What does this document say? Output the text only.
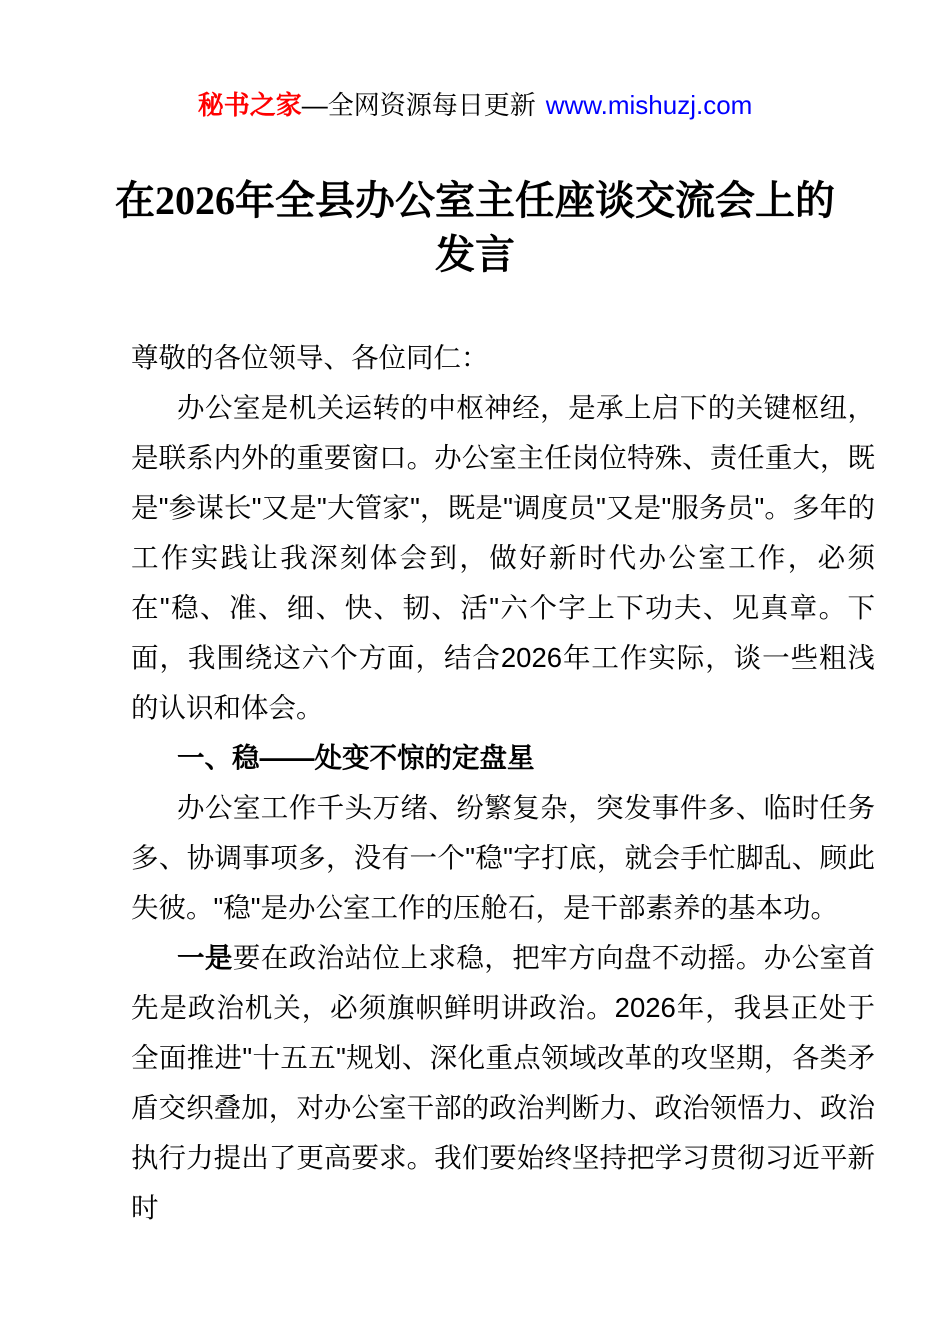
秘书之家—全网资源每日更新 www.mishuzj.com
在2026年全县办公室主任座谈交流会上的
发言

尊敬的各位领导、各位同仁：

办公室是机关运转的中枢神经，是承上启下的关键枢纽，是联系内外的重要窗口。办公室主任岗位特殊、责任重大，既是"参谋长"又是"大管家"，既是"调度员"又是"服务员"。多年的工作实践让我深刻体会到，做好新时代办公室工作，必须在"稳、准、细、快、韧、活"六个字上下功夫、见真章。下面，我围绕这六个方面，结合2026年工作实际，谈一些粗浅的认识和体会。

一、稳——处变不惊的定盘星

办公室工作千头万绪、纷繁复杂，突发事件多、临时任务多、协调事项多，没有一个"稳"字打底，就会手忙脚乱、顾此失彼。"稳"是办公室工作的压舱石，是干部素养的基本功。

一是要在政治站位上求稳，把牢方向盘不动摇。办公室首先是政治机关，必须旗帜鲜明讲政治。2026年，我县正处于全面推进"十五五"规划、深化重点领域改革的攻坚期，各类矛盾交织叠加，对办公室干部的政治判断力、政治领悟力、政治执行力提出了更高要求。我们要始终坚持把学习贯彻习近平新时
